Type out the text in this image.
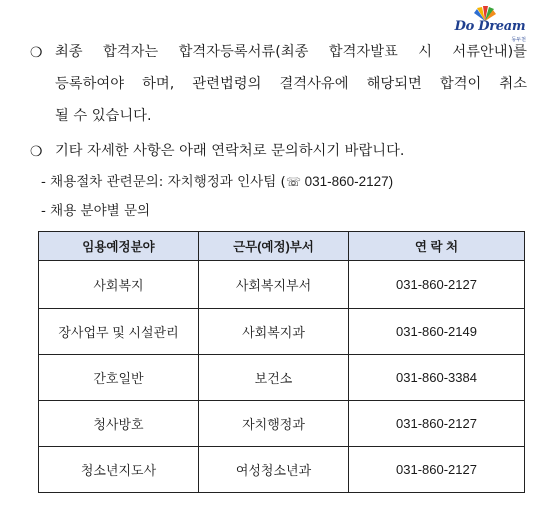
Do Dream
동두천
❍ 최종 합격자는 합격자등록서류(최종 합격자발표 시 서류안내)를
등록하여야 하며, 관련법령의 결격사유에 해당되면 합격이 취소
될 수 있습니다.
❍ 기타 자세한 사항은 아래 연락처로 문의하시기 바랍니다.
- 채용절차 관련문의: 자치행정과 인사팀 (☏ 031-860-2127)
- 채용 분야별 문의
임용예정분야	근무(예정)부서	연 락 처
사회복지	사회복지부서	031-860-2127
장사업무 및 시설관리	사회복지과	031-860-2149
간호일반	보건소	031-860-3384
청사방호	자치행정과	031-860-2127
청소년지도사	여성청소년과	031-860-2127
